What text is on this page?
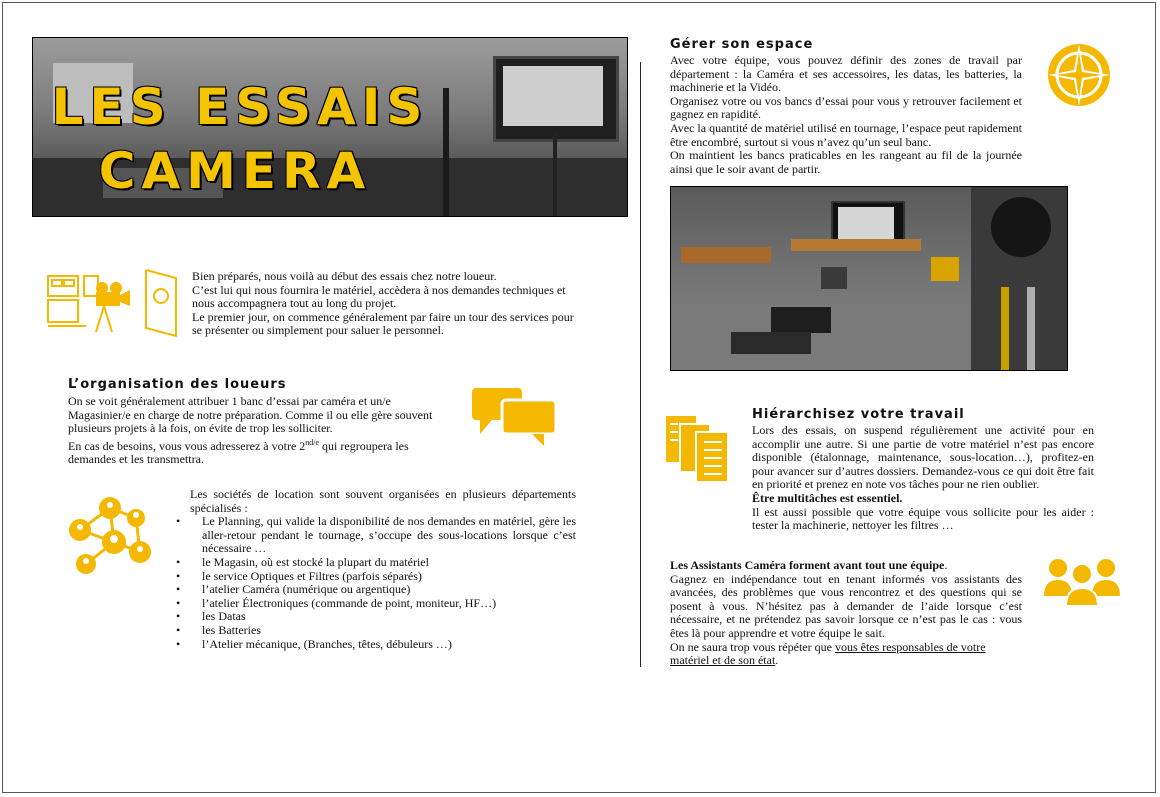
LES ESSAIS
CAMERA
Bien préparés, nous voilà au début des essais chez notre loueur.
C’est lui qui nous fournira le matériel, accèdera à nos demandes techniques et nous accompagnera tout au long du projet.
Le premier jour, on commence généralement par faire un tour des services pour se présenter ou simplement pour saluer le personnel.
L’organisation des loueurs
On se voit généralement attribuer 1 banc d’essai par caméra et un/e Magasinier/e en charge de notre préparation. Comme il ou elle gère souvent plusieurs projets à la fois, on évite de trop les solliciter.
En cas de besoins, vous vous adresserez à votre $2^{nd/e}$ qui regroupera les demandes et les transmettra.
Les sociétés de location sont souvent organisées en plusieurs départements spécialisés :
• Le Planning, qui valide la disponibilité de nos demandes en matériel, gère les aller-retour pendant le tournage, s’occupe des sous-locations lorsque c’est nécessaire …
• le Magasin, où est stocké la plupart du matériel
• le service Optiques et Filtres (parfois séparés)
• l’atelier Caméra (numérique ou argentique)
• l’atelier Électroniques (commande de point, moniteur, HF…)
• les Datas
• les Batteries
• l’Atelier mécanique, (Branches, têtes, débuleurs …)
Gérer son espace
Avec votre équipe, vous pouvez définir des zones de travail par département : la Caméra et ses accessoires, les datas, les batteries, la machinerie et la Vidéo.
Organisez votre ou vos bancs d’essai pour vous y retrouver facilement et gagnez en rapidité.
Avec la quantité de matériel utilisé en tournage, l’espace peut rapidement être encombré, surtout si vous n’avez qu’un seul banc.
On maintient les bancs praticables en les rangeant au fil de la journée ainsi que le soir avant de partir.
Hiérarchisez votre travail
Lors des essais, on suspend régulièrement une activité pour en accomplir une autre. Si une partie de votre matériel n’est pas encore disponible (étalonnage, maintenance, sous-location…), profitez-en pour avancer sur d’autres dossiers. Demandez-vous ce qui doit être fait en priorité et prenez en note vos tâches pour ne rien oublier.
Être multitâches est essentiel.
Il est aussi possible que votre équipe vous sollicite pour les aider : tester la machinerie, nettoyer les filtres …
Les Assistants Caméra forment avant tout une équipe.
Gagnez en indépendance tout en tenant informés vos assistants des avancées, des problèmes que vous rencontrez et des questions qui se posent à vous. N’hésitez pas à demander de l’aide lorsque c’est nécessaire, et ne prétendez pas savoir lorsque ce n’est pas le cas : vous êtes là pour apprendre et votre équipe le sait.
On ne saura trop vous répéter que vous êtes responsables de votre matériel et de son état.
